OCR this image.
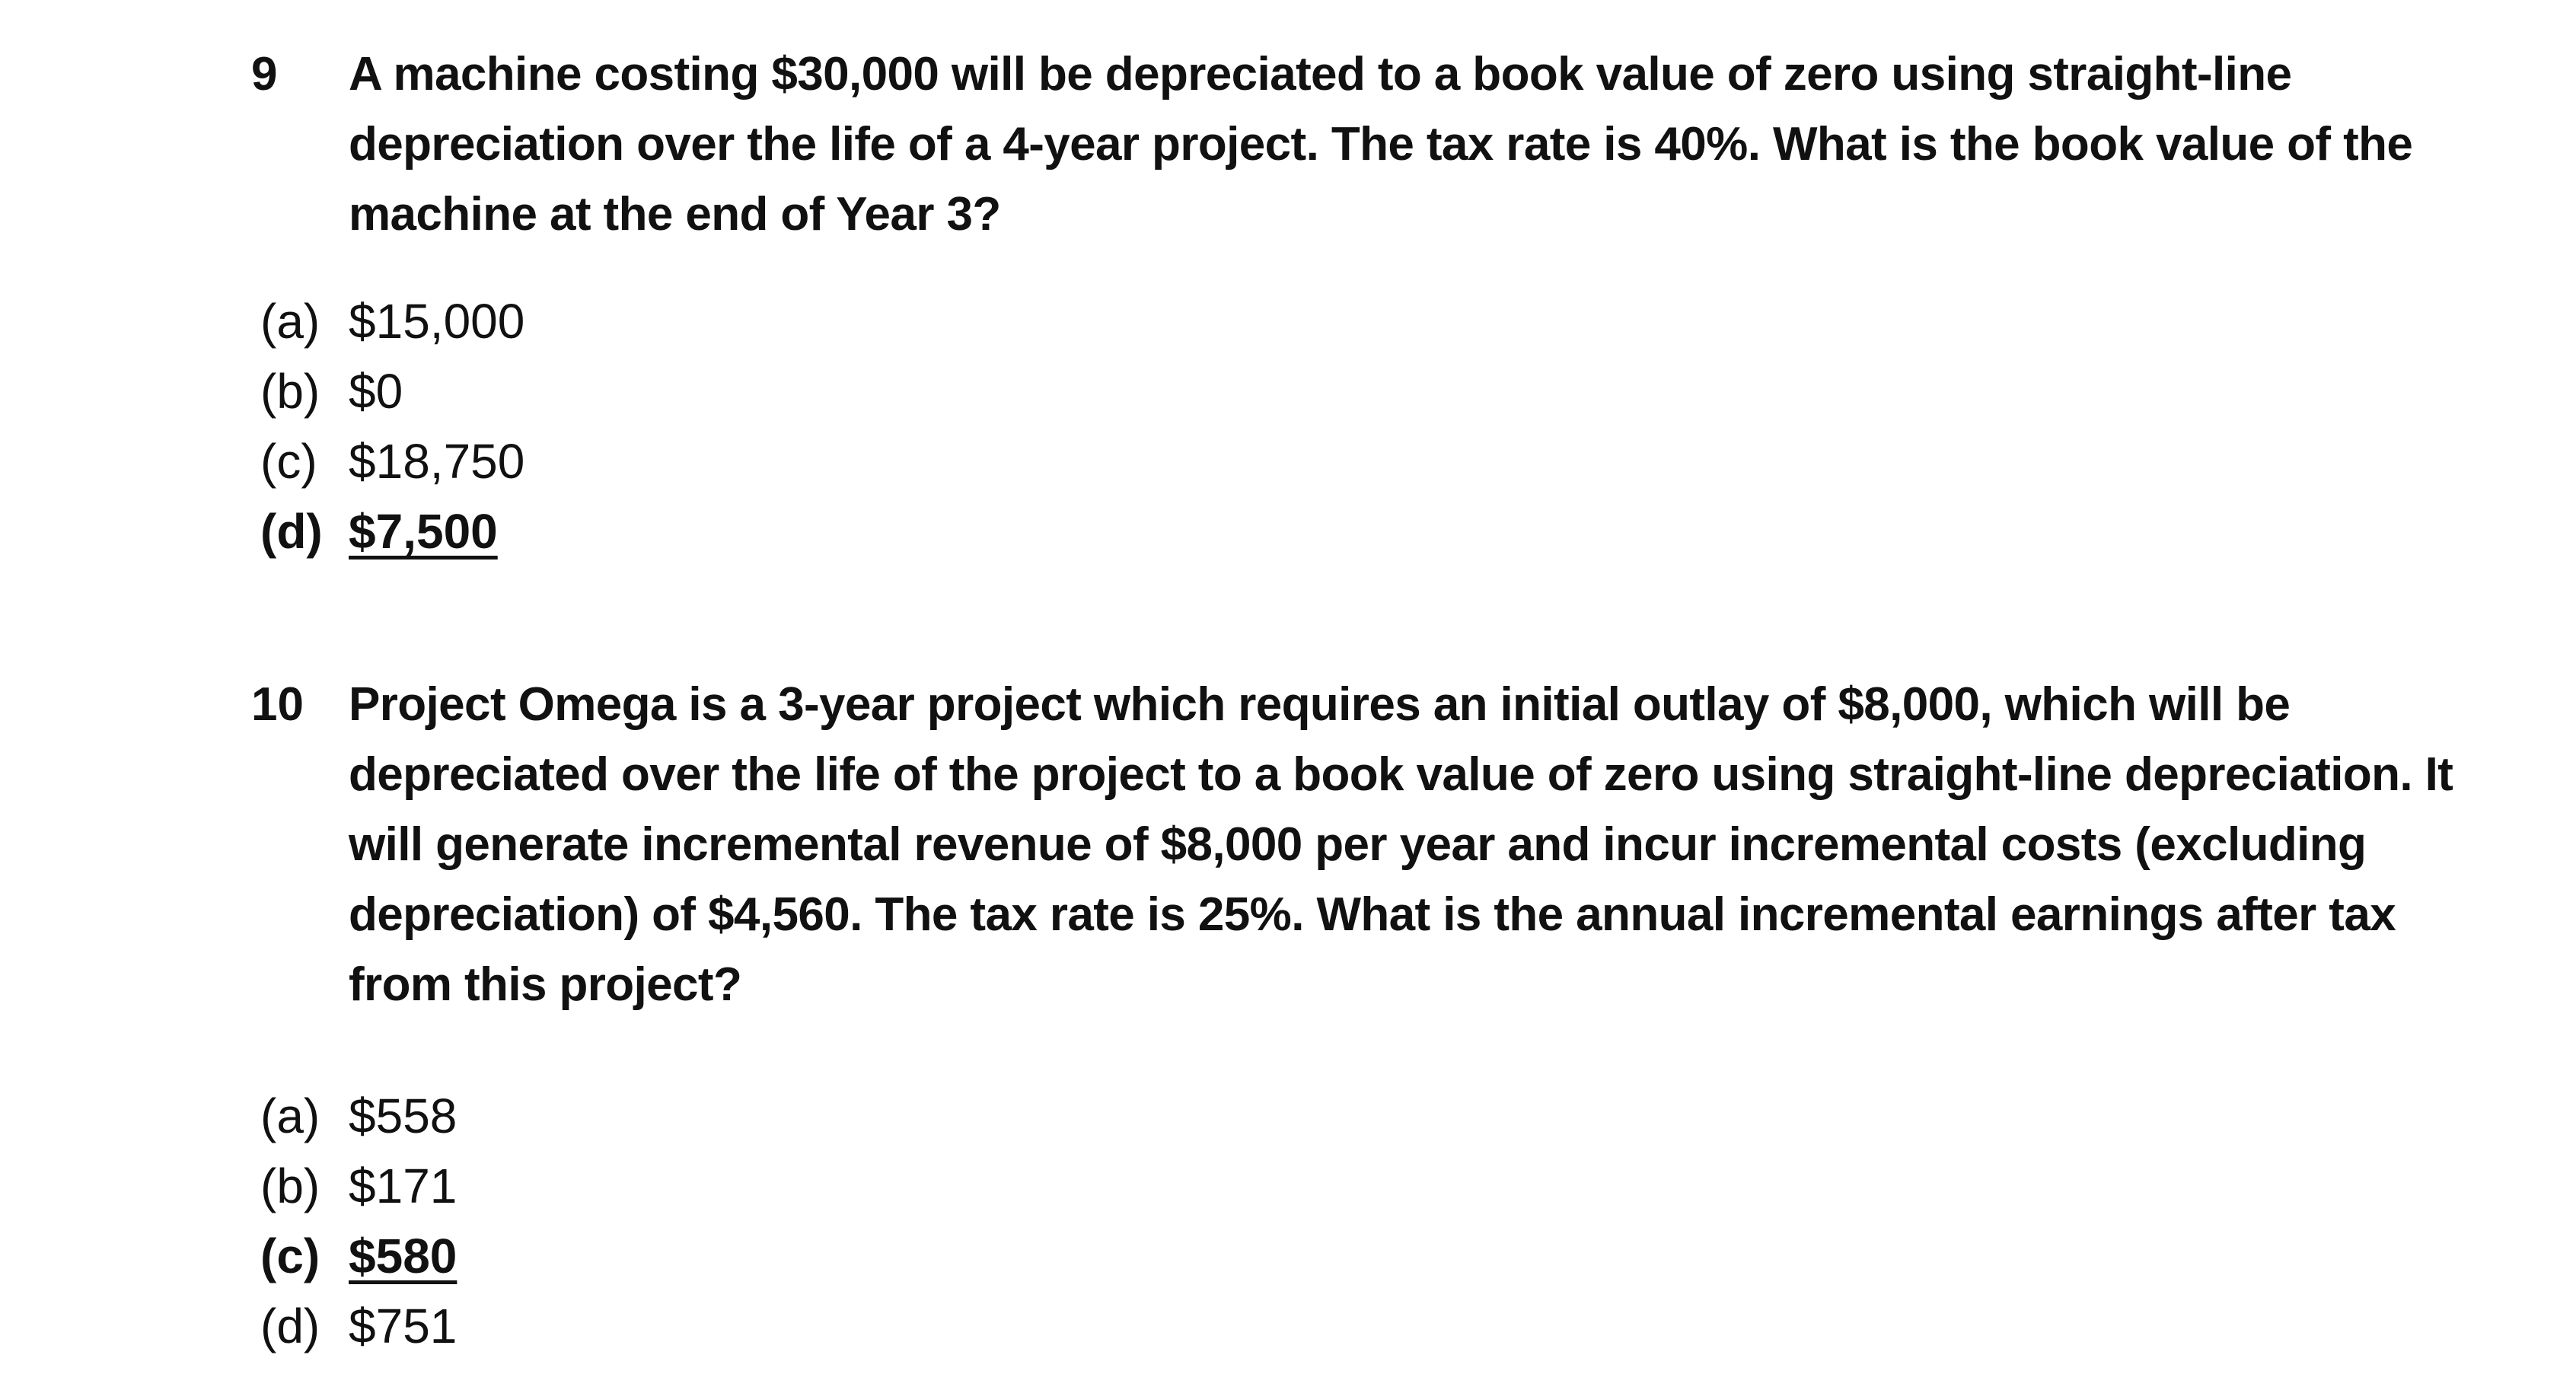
9 A machine costing $30,000 will be depreciated to a book value of zero using straight-line
depreciation over the life of a 4-year project. The tax rate is 40%. What is the book value of the
machine at the end of Year 3?
(a) $15,000
(b) $0
(c) $18,750
(d) $7,500
10 Project Omega is a 3-year project which requires an initial outlay of $8,000, which will be
depreciated over the life of the project to a book value of zero using straight-line depreciation. It
will generate incremental revenue of $8,000 per year and incur incremental costs (excluding
depreciation) of $4,560. The tax rate is 25%. What is the annual incremental earnings after tax
from this project?
(a) $558
(b) $171
(c) $580
(d) $751
